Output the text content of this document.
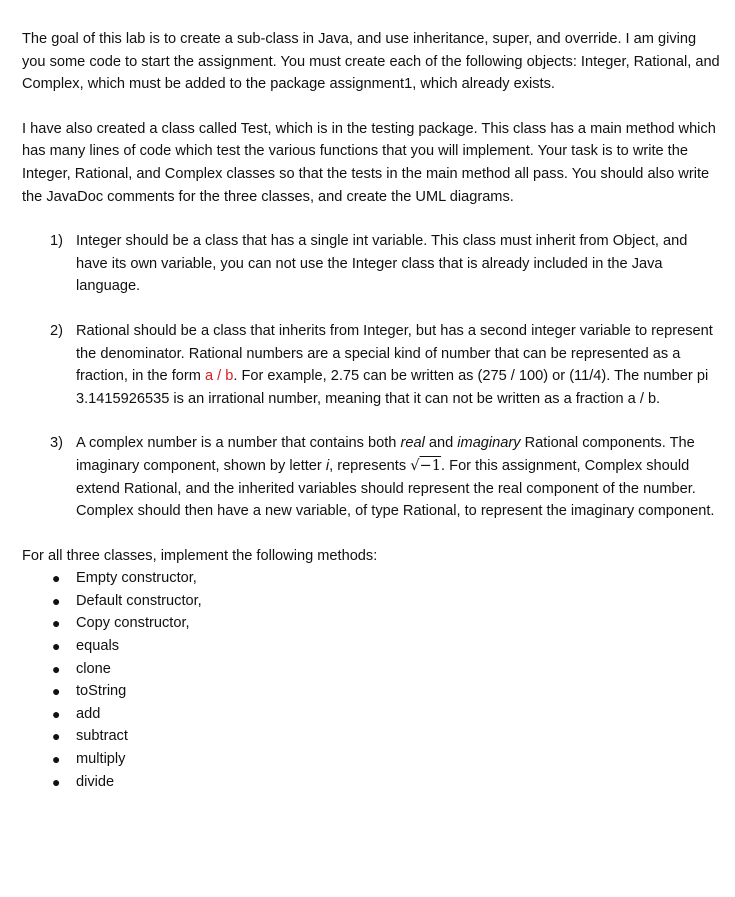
The goal of this lab is to create a sub-class in Java, and use inheritance, super, and override. I am giving you some code to start the assignment. You must create each of the following objects: Integer, Rational, and Complex, which must be added to the package assignment1, which already exists.

I have also created a class called Test, which is in the testing package. This class has a main method which has many lines of code which test the various functions that you will implement. Your task is to write the Integer, Rational, and Complex classes so that the tests in the main method all pass. You should also write the JavaDoc comments for the three classes, and create the UML diagrams.

1) Integer should be a class that has a single int variable. This class must inherit from Object, and have its own variable, you can not use the Integer class that is already included in the Java language.
2) Rational should be a class that inherits from Integer, but has a second integer variable to represent the denominator. Rational numbers are a special kind of number that can be represented as a fraction, in the form a / b. For example, 2.75 can be written as (275 / 100) or (11/4). The number pi 3.1415926535 is an irrational number, meaning that it can not be written as a fraction a / b.
3) A complex number is a number that contains both real and imaginary Rational components. The imaginary component, shown by letter i, represents √−1. For this assignment, Complex should extend Rational, and the inherited variables should represent the real component of the number. Complex should then have a new variable, of type Rational, to represent the imaginary component.

For all three classes, implement the following methods:

● Empty constructor,
● Default constructor,
● Copy constructor,
● equals
● clone
● toString
● add
● subtract
● multiply
● divide
